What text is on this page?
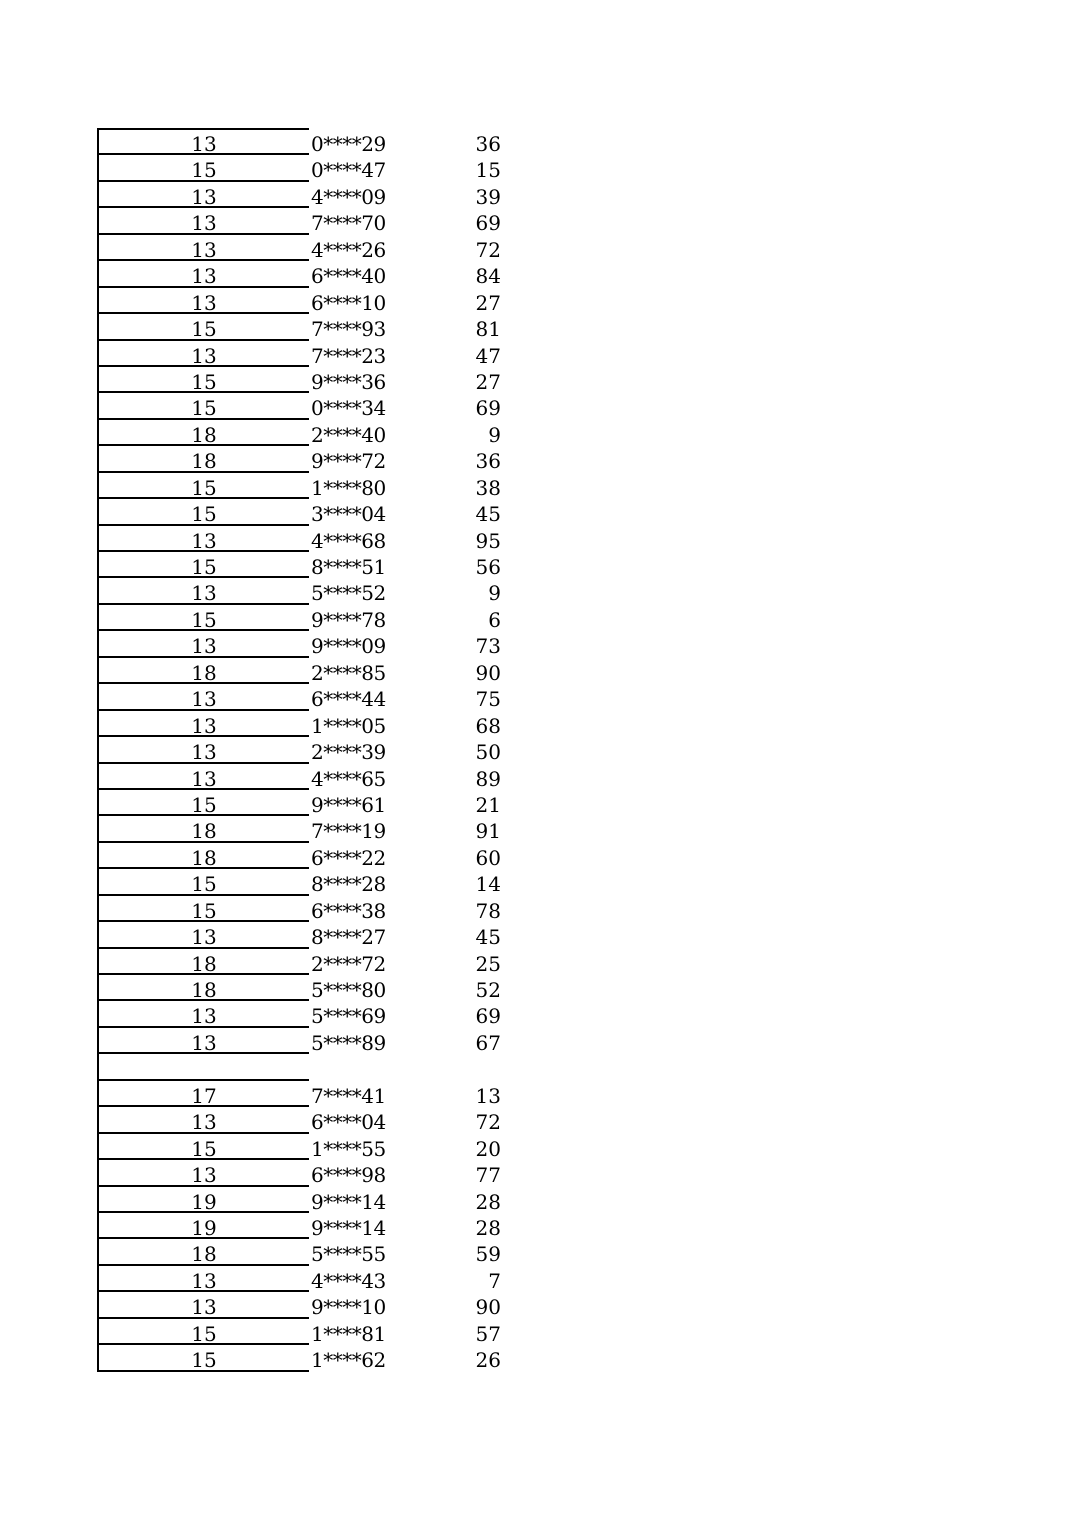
13	0****29	36
15	0****47	15
13	4****09	39
13	7****70	69
13	4****26	72
13	6****40	84
13	6****10	27
15	7****93	81
13	7****23	47
15	9****36	27
15	0****34	69
18	2****40	9
18	9****72	36
15	1****80	38
15	3****04	45
13	4****68	95
15	8****51	56
13	5****52	9
15	9****78	6
13	9****09	73
18	2****85	90
13	6****44	75
13	1****05	68
13	2****39	50
13	4****65	89
15	9****61	21
18	7****19	91
18	6****22	60
15	8****28	14
15	6****38	78
13	8****27	45
18	2****72	25
18	5****80	52
13	5****69	69
13	5****89	67
17	7****41	13
13	6****04	72
15	1****55	20
13	6****98	77
19	9****14	28
19	9****14	28
18	5****55	59
13	4****43	7
13	9****10	90
15	1****81	57
15	1****62	26
